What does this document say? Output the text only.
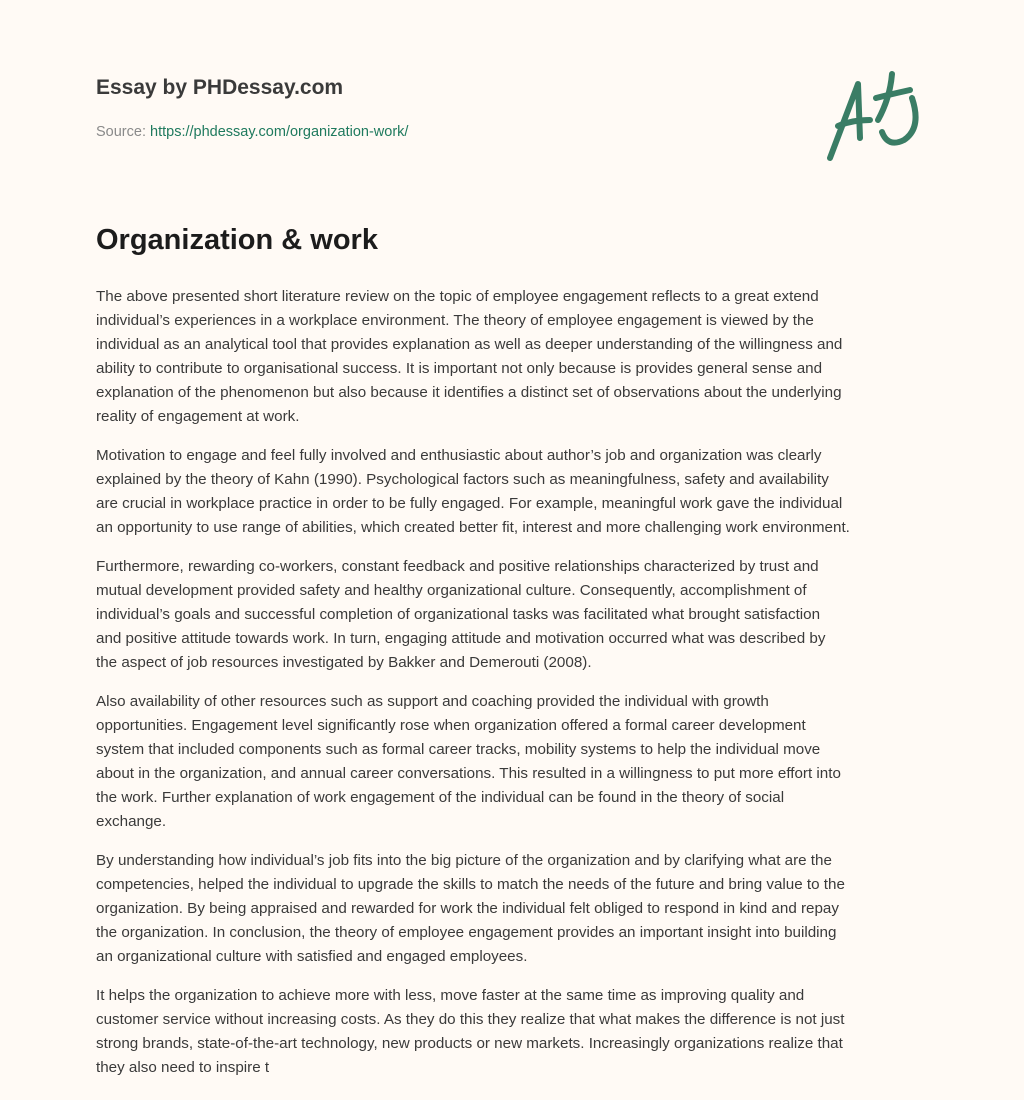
Essay by PHDessay.com
Source: https://phdessay.com/organization-work/
Organization & work

The above presented short literature review on the topic of employee engagement reflects to a great extend
individual’s experiences in a workplace environment. The theory of employee engagement is viewed by the
individual as an analytical tool that provides explanation as well as deeper understanding of the willingness and
ability to contribute to organisational success. It is important not only because is provides general sense and
explanation of the phenomenon but also because it identifies a distinct set of observations about the underlying
reality of engagement at work.

Motivation to engage and feel fully involved and enthusiastic about author’s job and organization was clearly
explained by the theory of Kahn (1990). Psychological factors such as meaningfulness, safety and availability
are crucial in workplace practice in order to be fully engaged. For example, meaningful work gave the individual
an opportunity to use range of abilities, which created better fit, interest and more challenging work environment.

Furthermore, rewarding co-workers, constant feedback and positive relationships characterized by trust and
mutual development provided safety and healthy organizational culture. Consequently, accomplishment of
individual’s goals and successful completion of organizational tasks was facilitated what brought satisfaction
and positive attitude towards work. In turn, engaging attitude and motivation occurred what was described by
the aspect of job resources investigated by Bakker and Demerouti (2008).

Also availability of other resources such as support and coaching provided the individual with growth
opportunities. Engagement level significantly rose when organization offered a formal career development
system that included components such as formal career tracks, mobility systems to help the individual move
about in the organization, and annual career conversations. This resulted in a willingness to put more effort into
the work. Further explanation of work engagement of the individual can be found in the theory of social
exchange.

By understanding how individual’s job fits into the big picture of the organization and by clarifying what are the
competencies, helped the individual to upgrade the skills to match the needs of the future and bring value to the
organization. By being appraised and rewarded for work the individual felt obliged to respond in kind and repay
the organization. In conclusion, the theory of employee engagement provides an important insight into building
an organizational culture with satisfied and engaged employees.

It helps the organization to achieve more with less, move faster at the same time as improving quality and
customer service without increasing costs. As they do this they realize that what makes the difference is not just
strong brands, state-of-the-art technology, new products or new markets. Increasingly organizations realize that
they also need to inspire t
